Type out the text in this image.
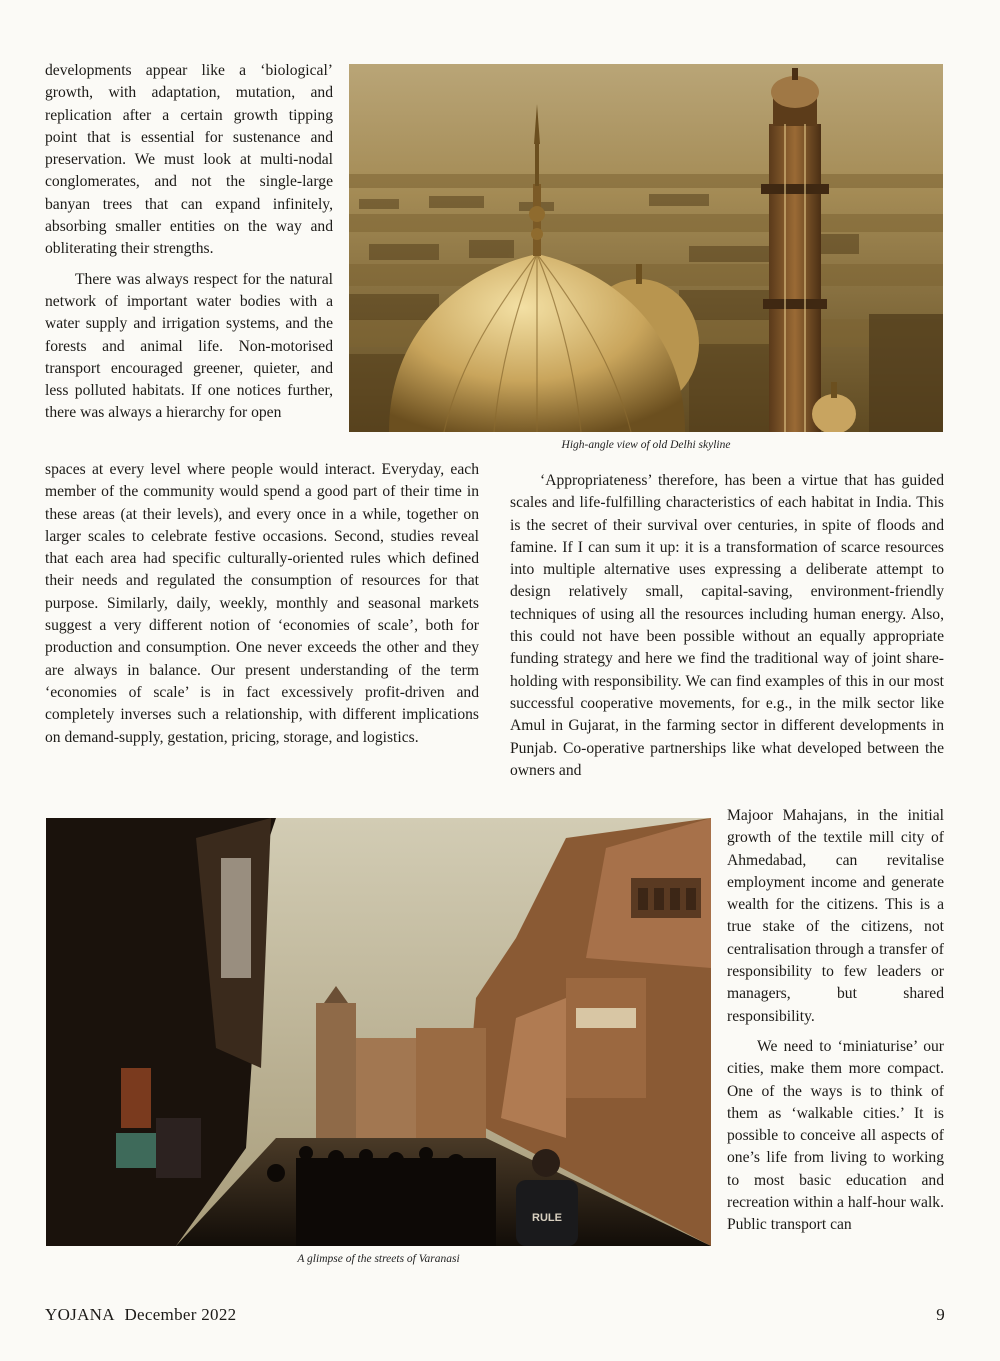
developments appear like a ‘biological’ growth, with adaptation, mutation, and replication after a certain growth tipping point that is essential for sustenance and preservation. We must look at multi-nodal conglomerates, and not the single-large banyan trees that can expand infinitely, absorbing smaller entities on the way and obliterating their strengths.

There was always respect for the natural network of important water bodies with a water supply and irrigation systems, and the forests and animal life. Non-motorised transport encouraged greener, quieter, and less polluted habitats. If one notices further, there was always a hierarchy for open

High-angle view of old Delhi skyline

spaces at every level where people would interact. Everyday, each member of the community would spend a good part of their time in these areas (at their levels), and every once in a while, together on larger scales to celebrate festive occasions. Second, studies reveal that each area had specific culturally-oriented rules which defined their needs and regulated the consumption of resources for that purpose. Similarly, daily, weekly, monthly and seasonal markets suggest a very different notion of ‘economies of scale’, both for production and consumption. One never exceeds the other and they are always in balance. Our present understanding of the term ‘economies of scale’ is in fact excessively profit-driven and completely inverses such a relationship, with different implications on demand-supply, gestation, pricing, storage, and logistics.

‘Appropriateness’ therefore, has been a virtue that has guided scales and life-fulfilling characteristics of each habitat in India. This is the secret of their survival over centuries, in spite of floods and famine. If I can sum it up: it is a transformation of scarce resources into multiple alternative uses expressing a deliberate attempt to design relatively small, capital-saving, environment-friendly techniques of using all the resources including human energy. Also, this could not have been possible without an equally appropriate funding strategy and here we find the traditional way of joint share-holding with responsibility. We can find examples of this in our most successful cooperative movements, for e.g., in the milk sector like Amul in Gujarat, in the farming sector in different developments in Punjab. Co-operative partnerships like what developed between the owners and

RULE

A glimpse of the streets of Varanasi

Majoor Mahajans, in the initial growth of the textile mill city of Ahmedabad, can revitalise employment income and generate wealth for the citizens. This is a true stake of the citizens, not centralisation through a transfer of responsibility to few leaders or managers, but shared responsibility.

We need to ‘miniaturise’ our cities, make them more compact. One of the ways is to think of them as ‘walkable cities.’ It is possible to conceive all aspects of one’s life from living to working to most basic education and recreation within a half-hour walk. Public transport can

YOJANA December 2022	9
